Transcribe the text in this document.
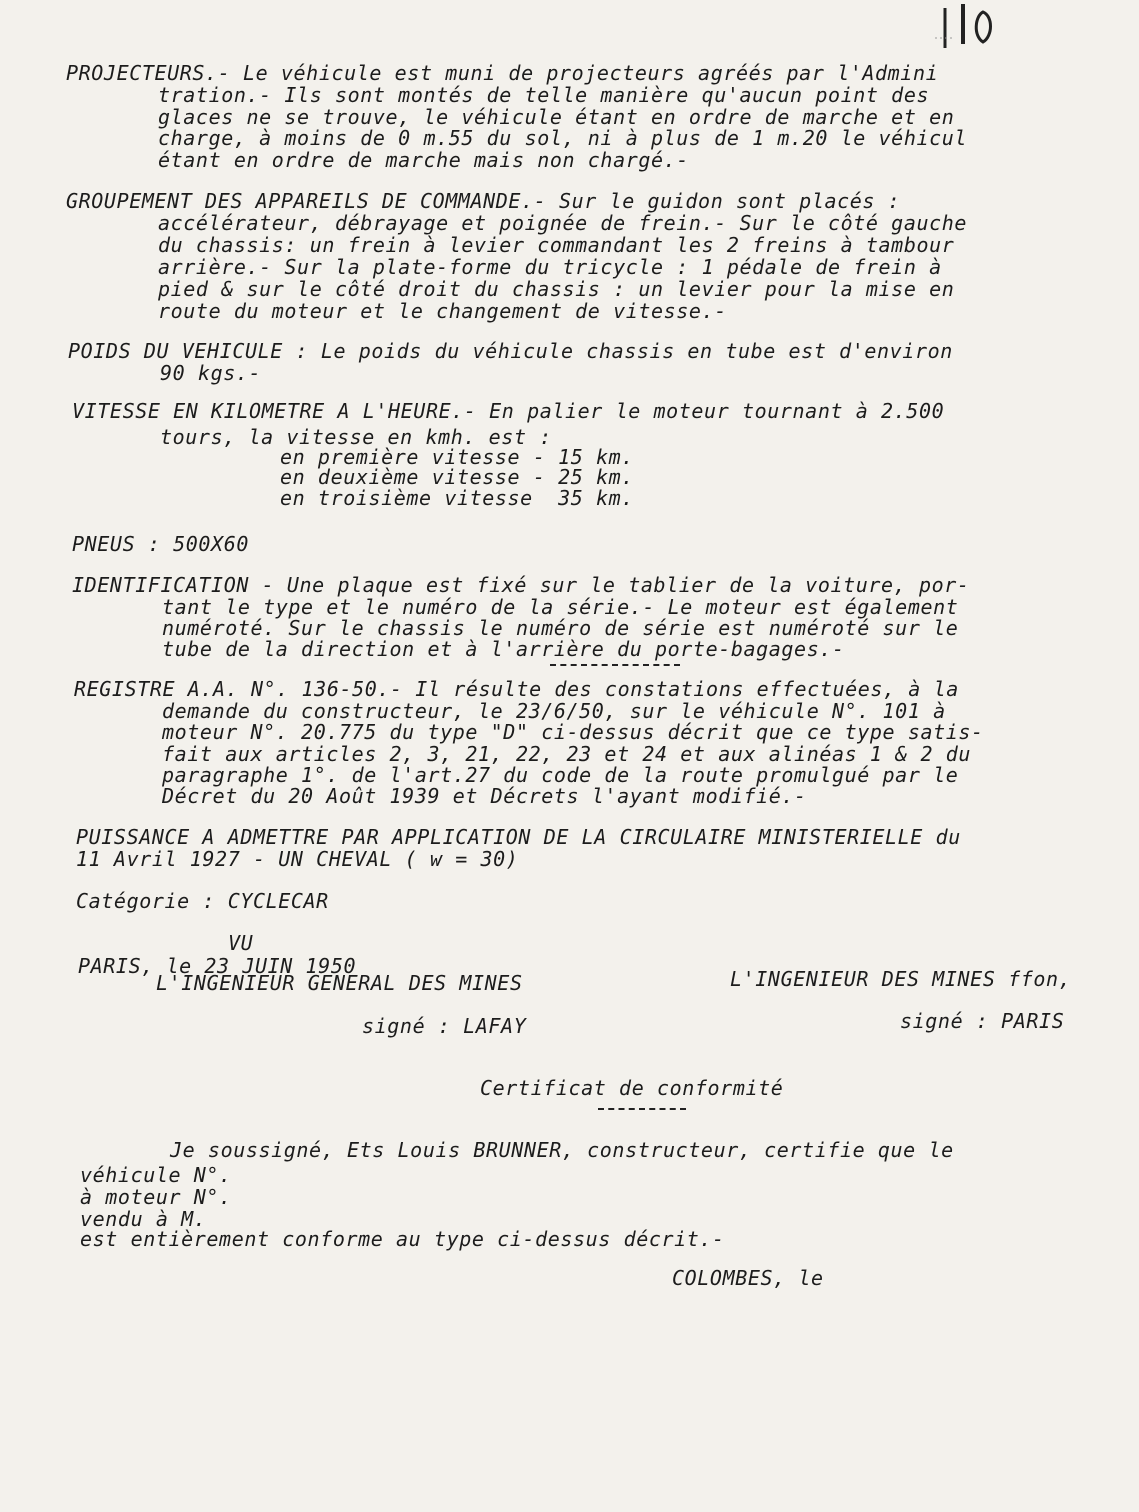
PROJECTEURS.- Le véhicule est muni de projecteurs agréés par l'Admini
tration.- Ils sont montés de telle manière qu'aucun point des
glaces ne se trouve, le véhicule étant en ordre de marche et en
charge, à moins de 0 m.55 du sol, ni à plus de 1 m.20 le véhicul
étant en ordre de marche mais non chargé.-
GROUPEMENT DES APPAREILS DE COMMANDE.- Sur le guidon sont placés :
accélérateur, débrayage et poignée de frein.- Sur le côté gauche
du chassis: un frein à levier commandant les 2 freins à tambour
arrière.- Sur la plate-forme du tricycle : 1 pédale de frein à
pied & sur le côté droit du chassis : un levier pour la mise en
route du moteur et le changement de vitesse.-
POIDS DU VEHICULE : Le poids du véhicule chassis en tube est d'environ
90 kgs.-
VITESSE EN KILOMETRE A L'HEURE.- En palier le moteur tournant à 2.500
tours, la vitesse en kmh. est :
en première vitesse - 15 km.
en deuxième vitesse - 25 km.
en troisième vitesse  35 km.
PNEUS : 500X60
IDENTIFICATION - Une plaque est fixé sur le tablier de la voiture, por-
tant le type et le numéro de la série.- Le moteur est également
numéroté. Sur le chassis le numéro de série est numéroté sur le
tube de la direction et à l'arrière du porte-bagages.-
REGISTRE A.A. N°. 136-50.- Il résulte des constations effectuées, à la
demande du constructeur, le 23/6/50, sur le véhicule N°. 101 à
moteur N°. 20.775 du type "D" ci-dessus décrit que ce type satis-
fait aux articles 2, 3, 21, 22, 23 et 24 et aux alinéas 1 & 2 du
paragraphe 1°. de l'art.27 du code de la route promulgué par le
Décret du 20 Août 1939 et Décrets l'ayant modifié.-
PUISSANCE A ADMETTRE PAR APPLICATION DE LA CIRCULAIRE MINISTERIELLE du
11 Avril 1927 - UN CHEVAL ( w = 30)
Catégorie : CYCLECAR
VU
PARIS, le 23 JUIN 1950
L'INGENIEUR GENERAL DES MINES	L'INGENIEUR DES MINES ffon,
signé : LAFAY	signé : PARIS
Certificat de conformité
Je soussigné, Ets Louis BRUNNER, constructeur, certifie que le
véhicule N°.
à moteur N°.
vendu à M.
est entièrement conforme au type ci-dessus décrit.-
COLOMBES, le
